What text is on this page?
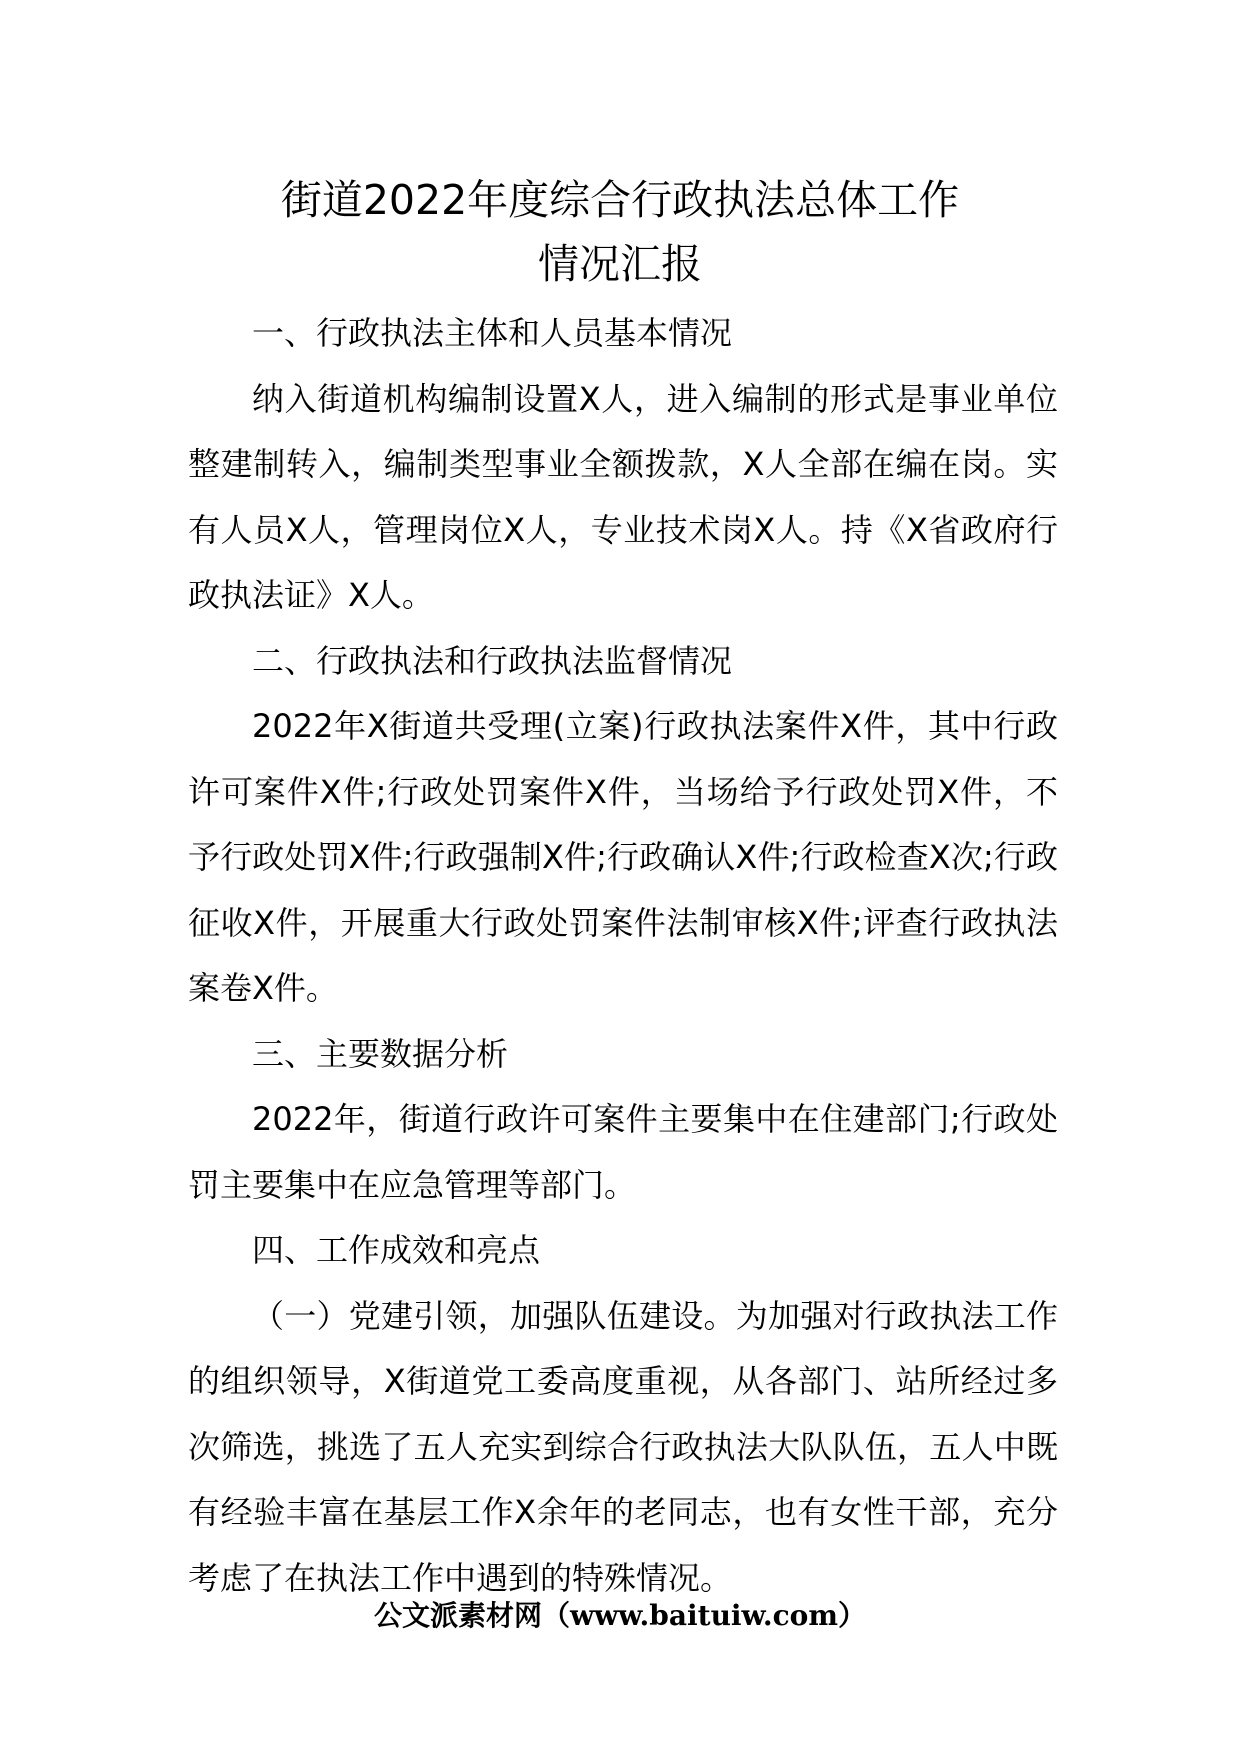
街道2022年度综合行政执法总体工作
情况汇报

一、行政执法主体和人员基本情况

纳入街道机构编制设置X人，进入编制的形式是事业单位整建制转入，编制类型事业全额拨款，X人全部在编在岗。实有人员X人，管理岗位X人，专业技术岗X人。持《X省政府行政执法证》X人。

二、行政执法和行政执法监督情况

2022年X街道共受理(立案)行政执法案件X件，其中行政许可案件X件;行政处罚案件X件，当场给予行政处罚X件，不予行政处罚X件;行政强制X件;行政确认X件;行政检查X次;行政征收X件，开展重大行政处罚案件法制审核X件;评查行政执法案卷X件。

三、主要数据分析

2022年，街道行政许可案件主要集中在住建部门;行政处罚主要集中在应急管理等部门。

四、工作成效和亮点

（一）党建引领，加强队伍建设。为加强对行政执法工作的组织领导，X街道党工委高度重视，从各部门、站所经过多次筛选，挑选了五人充实到综合行政执法大队队伍，五人中既有经验丰富在基层工作X余年的老同志，也有女性干部，充分考虑了在执法工作中遇到的特殊情况。

公文派素材网（www.baituiw.com）
